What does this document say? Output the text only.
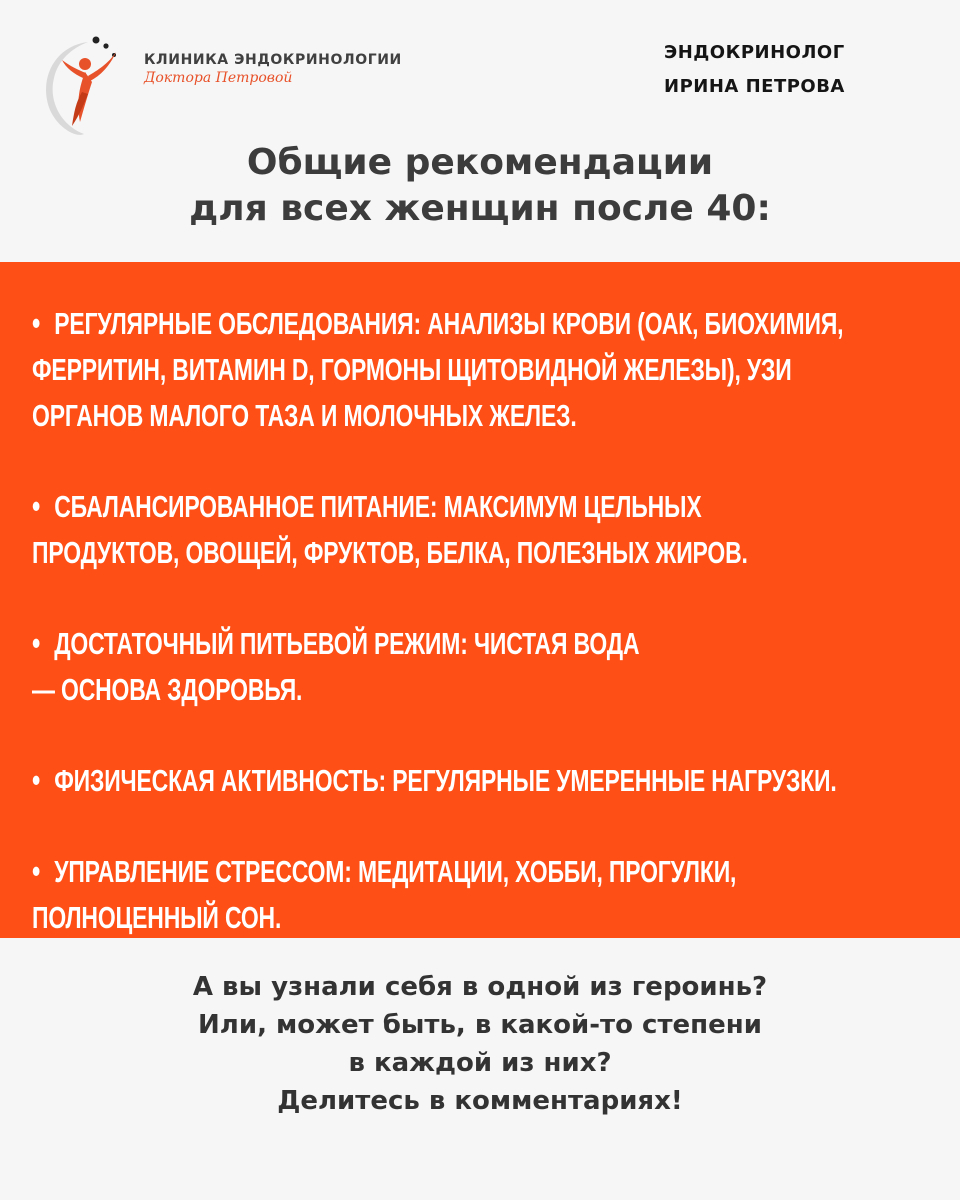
КЛИНИКА ЭНДОКРИНОЛОГИИ
Доктора Петровой
ЭНДОКРИНОЛОГ
ИРИНА ПЕТРОВА
Общие рекомендации
для всех женщин после 40:
• РЕГУЛЯРНЫЕ ОБСЛЕДОВАНИЯ: АНАЛИЗЫ КРОВИ (ОАК, БИОХИМИЯ,
ФЕРРИТИН, ВИТАМИН D, ГОРМОНЫ ЩИТОВИДНОЙ ЖЕЛЕЗЫ), УЗИ
ОРГАНОВ МАЛОГО ТАЗА И МОЛОЧНЫХ ЖЕЛЕЗ.
• СБАЛАНСИРОВАННОЕ ПИТАНИЕ: МАКСИМУМ ЦЕЛЬНЫХ
ПРОДУКТОВ, ОВОЩЕЙ, ФРУКТОВ, БЕЛКА, ПОЛЕЗНЫХ ЖИРОВ.
• ДОСТАТОЧНЫЙ ПИТЬЕВОЙ РЕЖИМ: ЧИСТАЯ ВОДА
— ОСНОВА ЗДОРОВЬЯ.
• ФИЗИЧЕСКАЯ АКТИВНОСТЬ: РЕГУЛЯРНЫЕ УМЕРЕННЫЕ НАГРУЗКИ.
• УПРАВЛЕНИЕ СТРЕССОМ: МЕДИТАЦИИ, ХОББИ, ПРОГУЛКИ,
ПОЛНОЦЕННЫЙ СОН.
А вы узнали себя в одной из героинь?
Или, может быть, в какой-то степени
в каждой из них?
Делитесь в комментариях!
